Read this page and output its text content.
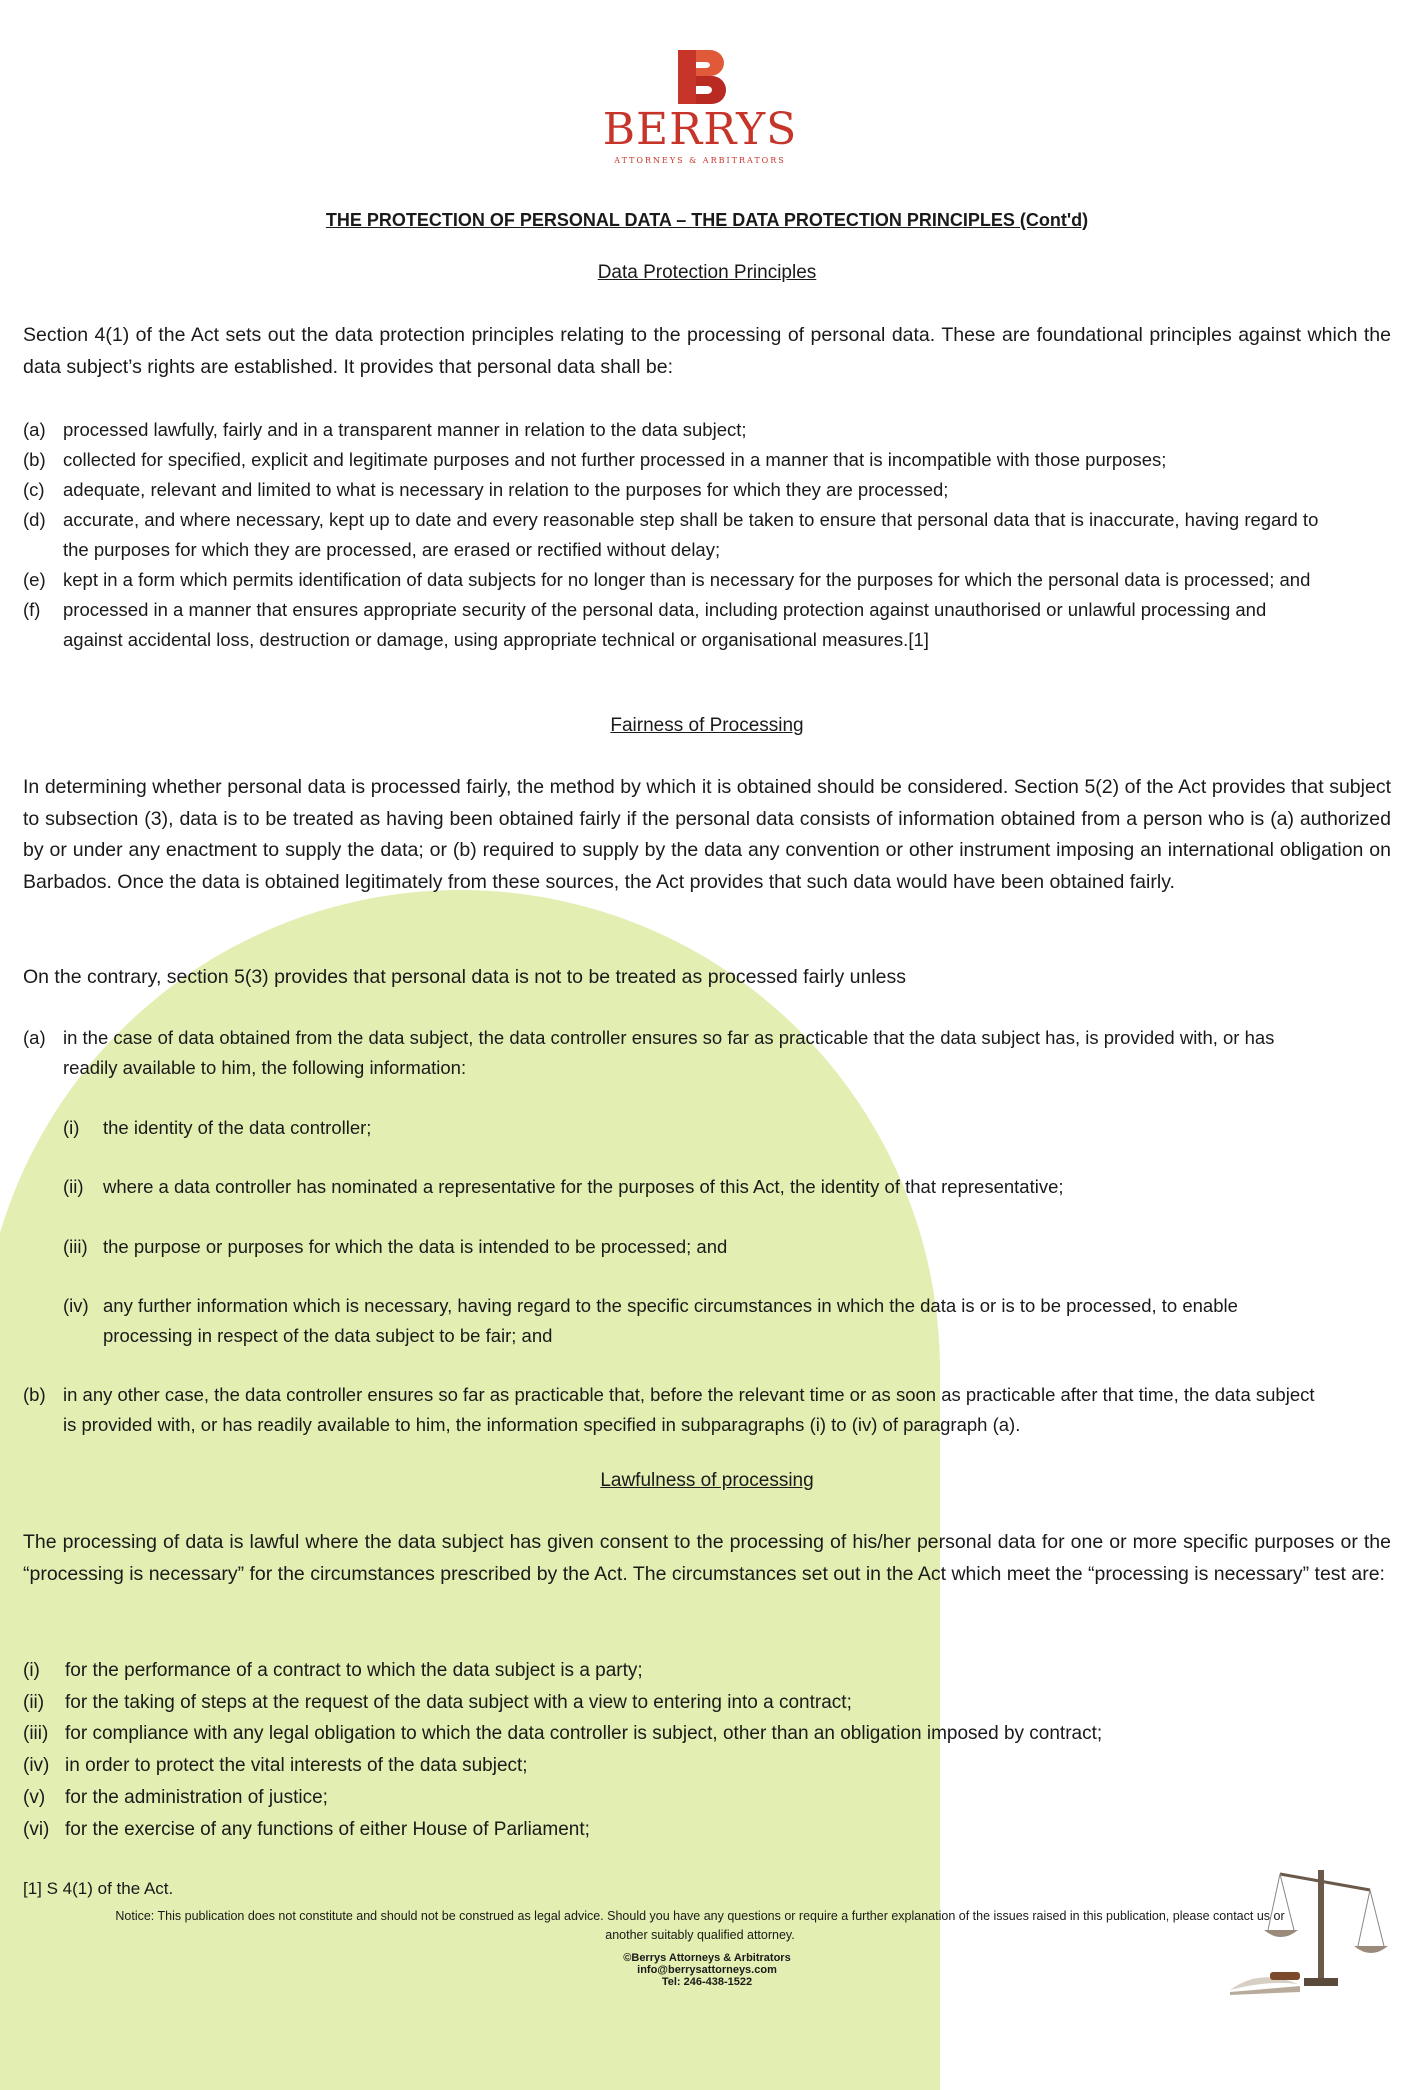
BERRYS
ATTORNEYS & ARBITRATORS
THE PROTECTION OF PERSONAL DATA – THE DATA PROTECTION PRINCIPLES (Cont'd)
Data Protection Principles

Section 4(1) of the Act sets out the data protection principles relating to the processing of personal data. These are foundational principles against which the data subject’s rights are established. It provides that personal data shall be:

(a) processed lawfully, fairly and in a transparent manner in relation to the data subject;
(b) collected for specified, explicit and legitimate purposes and not further processed in a manner that is incompatible with those purposes;
(c) adequate, relevant and limited to what is necessary in relation to the purposes for which they are processed;
(d) accurate, and where necessary, kept up to date and every reasonable step shall be taken to ensure that personal data that is inaccurate, having regard to the purposes for which they are processed, are erased or rectified without delay;
(e) kept in a form which permits identification of data subjects for no longer than is necessary for the purposes for which the personal data is processed; and
(f) processed in a manner that ensures appropriate security of the personal data, including protection against unauthorised or unlawful processing and against accidental loss, destruction or damage, using appropriate technical or organisational measures.[1]
Fairness of Processing

In determining whether personal data is processed fairly, the method by which it is obtained should be considered. Section 5(2) of the Act provides that subject to subsection (3), data is to be treated as having been obtained fairly if the personal data consists of information obtained from a person who is (a) authorized by or under any enactment to supply the data; or (b) required to supply by the data any convention or other instrument imposing an international obligation on Barbados. Once the data is obtained legitimately from these sources, the Act provides that such data would have been obtained fairly.

On the contrary, section 5(3) provides that personal data is not to be treated as processed fairly unless

(a) in the case of data obtained from the data subject, the data controller ensures so far as practicable that the data subject has, is provided with, or has readily available to him, the following information:
(i)	the identity of the data controller;
(ii)	where a data controller has nominated a representative for the purposes of this Act, the identity of that representative;
(iii) the purpose or purposes for which the data is intended to be processed; and
(iv) any further information which is necessary, having regard to the specific circumstances in which the data is or is to be processed, to enable processing in respect of the data subject to be fair; and
(b) in any other case, the data controller ensures so far as practicable that, before the relevant time or as soon as practicable after that time, the data subject is provided with, or has readily available to him, the information specified in subparagraphs (i) to (iv) of paragraph (a).
Lawfulness of processing

The processing of data is lawful where the data subject has given consent to the processing of his/her personal data for one or more specific purposes or the “processing is necessary” for the circumstances prescribed by the Act. The circumstances set out in the Act which meet the “processing is necessary” test are:

(i) for the performance of a contract to which the data subject is a party;
(ii) for the taking of steps at the request of the data subject with a view to entering into a contract;
(iii) for compliance with any legal obligation to which the data controller is subject, other than an obligation imposed by contract;
(iv) in order to protect the vital interests of the data subject;
(v) for the administration of justice;
(vi) for the exercise of any functions of either House of Parliament;
[1] S 4(1) of the Act.
Notice: This publication does not constitute and should not be construed as legal advice. Should you have any questions or require a further explanation of the issues raised in this publication, please contact us or another suitably qualified attorney.
©Berrys Attorneys & Arbitrators
info@berrysattorneys.com
Tel: 246-438-1522
